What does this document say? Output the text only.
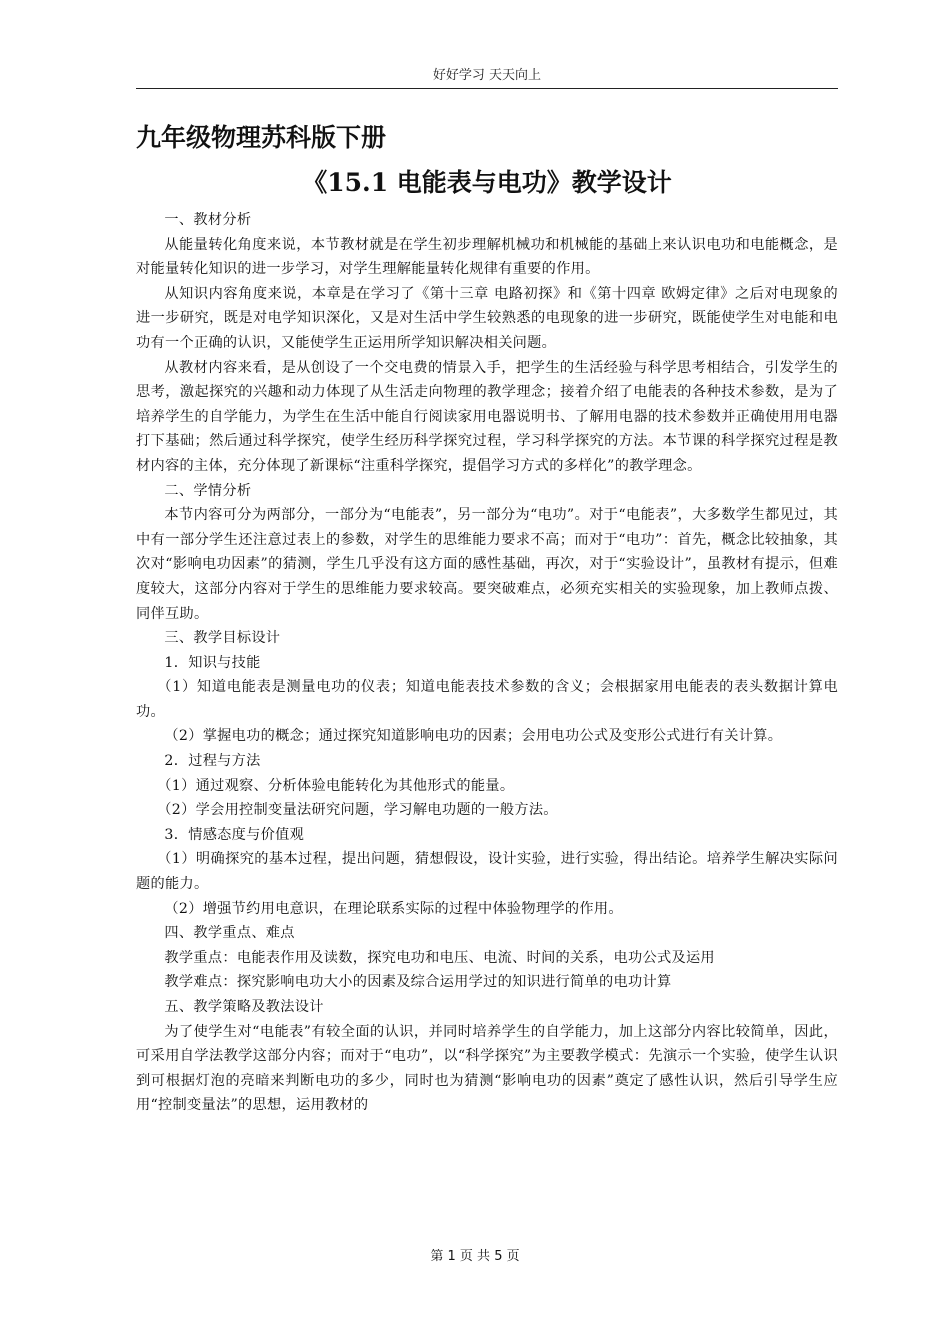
好好学习 天天向上
九年级物理苏科版下册
《15.1 电能表与电功》教学设计

一、教材分析

从能量转化角度来说，本节教材就是在学生初步理解机械功和机械能的基础上来认识电功和电能概念，是对能量转化知识的进一步学习，对学生理解能量转化规律有重要的作用。

从知识内容角度来说，本章是在学习了《第十三章 电路初探》和《第十四章 欧姆定律》之后对电现象的进一步研究，既是对电学知识深化，又是对生活中学生较熟悉的电现象的进一步研究，既能使学生对电能和电功有一个正确的认识，又能使学生正运用所学知识解决相关问题。

从教材内容来看，是从创设了一个交电费的情景入手，把学生的生活经验与科学思考相结合，引发学生的思考，激起探究的兴趣和动力体现了从生活走向物理的教学理念；接着介绍了电能表的各种技术参数，是为了培养学生的自学能力，为学生在生活中能自行阅读家用电器说明书、了解用电器的技术参数并正确使用用电器打下基础；然后通过科学探究，使学生经历科学探究过程，学习科学探究的方法。本节课的科学探究过程是教材内容的主体，充分体现了新课标“注重科学探究，提倡学习方式的多样化”的教学理念。

二、学情分析

本节内容可分为两部分，一部分为“电能表”，另一部分为“电功”。对于“电能表”，大多数学生都见过，其中有一部分学生还注意过表上的参数，对学生的思维能力要求不高；而对于“电功”：首先，概念比较抽象，其次对“影响电功因素”的猜测，学生几乎没有这方面的感性基础，再次，对于“实验设计”，虽教材有提示，但难度较大，这部分内容对于学生的思维能力要求较高。要突破难点，必须充实相关的实验现象，加上教师点拨、同伴互助。

三、教学目标设计

1．知识与技能

（1）知道电能表是测量电功的仪表；知道电能表技术参数的含义；会根据家用电能表的表头数据计算电功。

（2）掌握电功的概念；通过探究知道影响电功的因素；会用电功公式及变形公式进行有关计算。

2．过程与方法

（1）通过观察、分析体验电能转化为其他形式的能量。

（2）学会用控制变量法研究问题，学习解电功题的一般方法。

3．情感态度与价值观

（1）明确探究的基本过程，提出问题，猜想假设，设计实验，进行实验，得出结论。培养学生解决实际问题的能力。

（2）增强节约用电意识，在理论联系实际的过程中体验物理学的作用。

四、教学重点、难点

教学重点：电能表作用及读数，探究电功和电压、电流、时间的关系，电功公式及运用

教学难点：探究影响电功大小的因素及综合运用学过的知识进行简单的电功计算

五、教学策略及教法设计

为了使学生对“电能表”有较全面的认识，并同时培养学生的自学能力，加上这部分内容比较简单，因此，可采用自学法教学这部分内容；而对于“电功”，以“科学探究”为主要教学模式：先演示一个实验，使学生认识到可根据灯泡的亮暗来判断电功的多少，同时也为猜测“影响电功的因素”奠定了感性认识，然后引导学生应用“控制变量法”的思想，运用教材的

第 1 页 共 5 页
